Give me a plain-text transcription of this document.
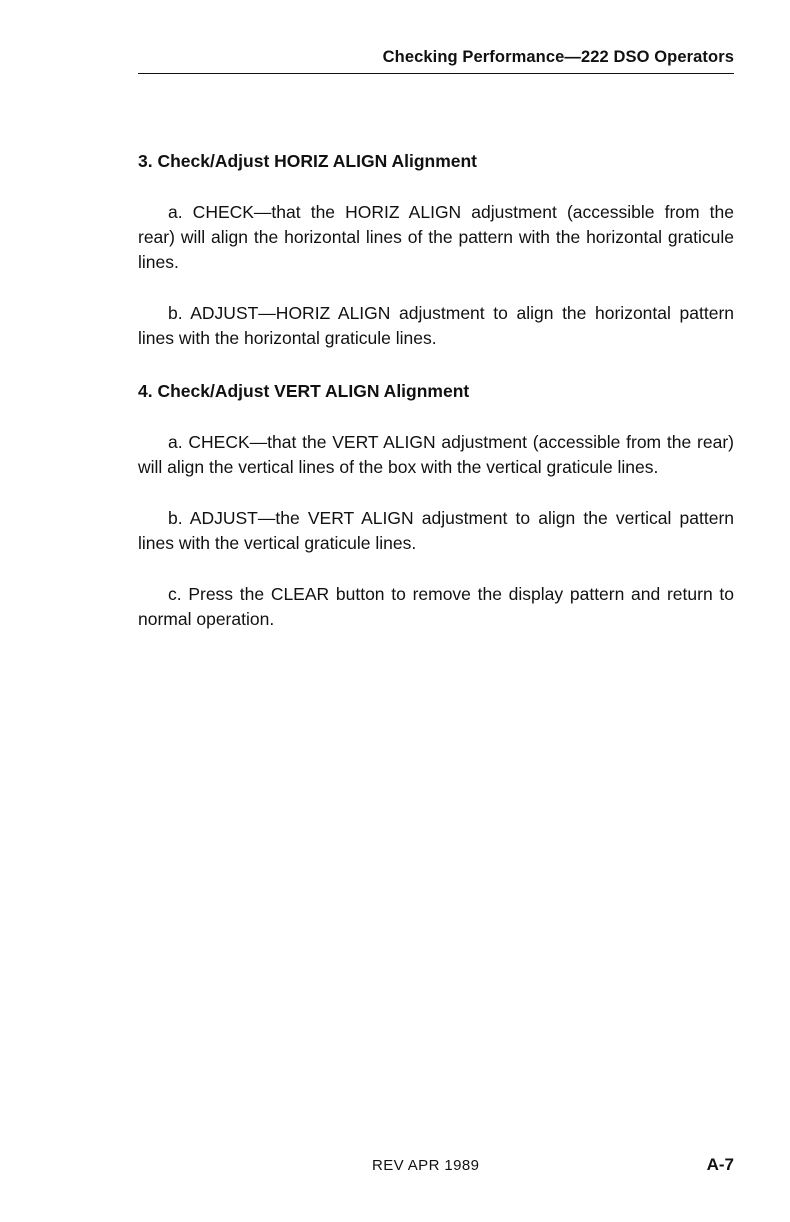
Checking Performance—222 DSO Operators

3. Check/Adjust HORIZ ALIGN Alignment

a. CHECK—that the HORIZ ALIGN adjustment (accessible from the rear) will align the horizontal lines of the pattern with the horizontal graticule lines.

b. ADJUST—HORIZ ALIGN adjustment to align the horizontal pattern lines with the horizontal graticule lines.

4. Check/Adjust VERT ALIGN Alignment

a. CHECK—that the VERT ALIGN adjustment (accessible from the rear) will align the vertical lines of the box with the vertical graticule lines.

b. ADJUST—the VERT ALIGN adjustment to align the vertical pattern lines with the vertical graticule lines.

c. Press the CLEAR button to remove the display pattern and return to normal operation.

REV APR 1989	A-7
